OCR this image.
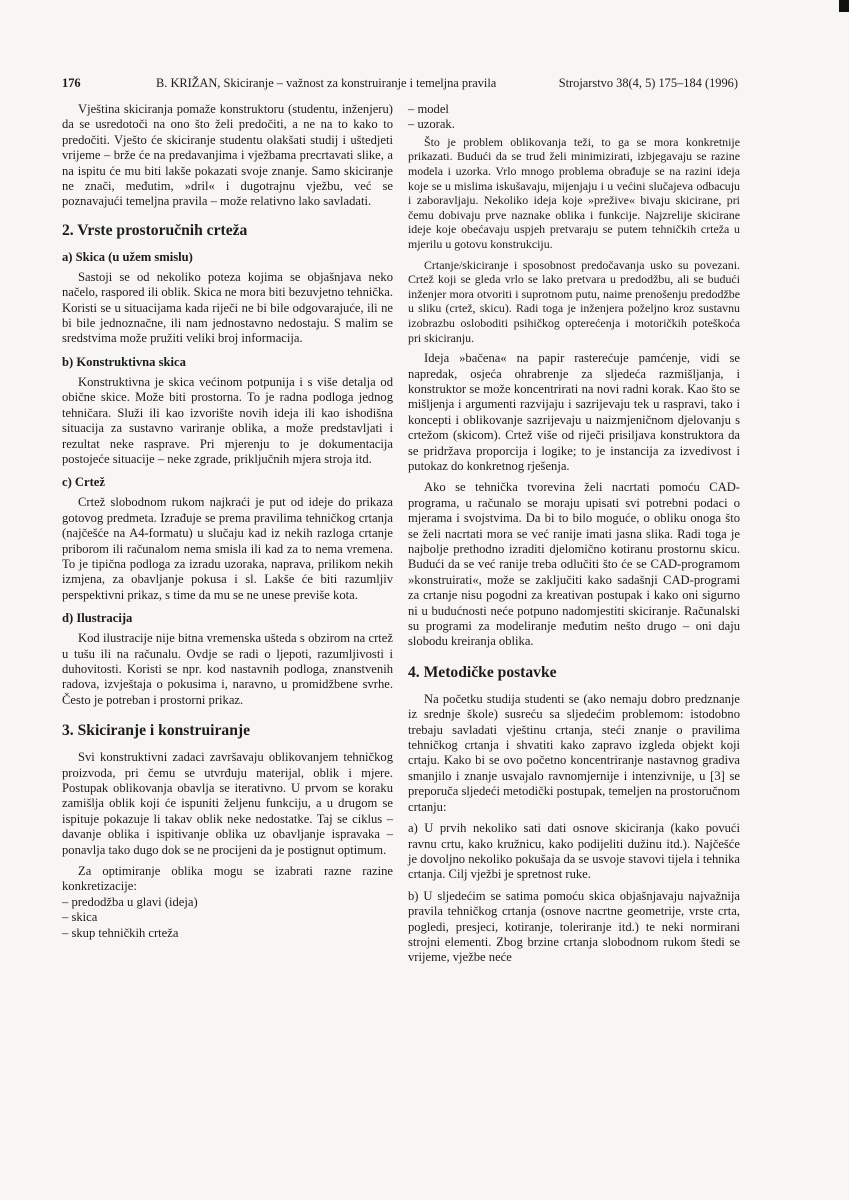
176	B. KRIŽAN, Skiciranje – važnost za konstruiranje i temeljna pravila	Strojarstvo 38(4, 5) 175–184 (1996)

Vještina skiciranja pomaže konstruktoru (studentu, inženjeru) da se usredotoči na ono što želi predočiti, a ne na to kako to predočiti. Vješto će skiciranje studentu olakšati studij i uštedjeti vrijeme – brže će na predavanjima i vježbama precrtavati slike, a na ispitu će mu biti lakše pokazati svoje znanje. Samo skiciranje ne znači, međutim, »dril« i dugotrajnu vježbu, već se poznavajući temeljna pravila – može relativno lako savladati.

2. Vrste prostoručnih crteža
a) Skica (u užem smislu)

Sastoji se od nekoliko poteza kojima se objašnjava neko načelo, raspored ili oblik. Skica ne mora biti bezuvjetno tehnička. Koristi se u situacijama kada riječi ne bi bile odgovarajuće, ili ne bi bile jednoznačne, ili nam jednostavno nedostaju. S malim se sredstvima može pružiti veliki broj informacija.

b) Konstruktivna skica

Konstruktivna je skica većinom potpunija i s više detalja od obične skice. Može biti prostorna. To je radna podloga jednog tehničara. Služi ili kao izvorište novih ideja ili kao ishodišna situacija za sustavno variranje oblika, a može predstavljati i rezultat neke rasprave. Pri mjerenju to je dokumentacija postojeće situacije – neke zgrade, priključnih mjera stroja itd.

c) Crtež

Crtež slobodnom rukom najkraći je put od ideje do prikaza gotovog predmeta. Izrađuje se prema pravilima tehničkog crtanja (najčešće na A4-formatu) u slučaju kad iz nekih razloga crtanje priborom ili računalom nema smisla ili kad za to nema vremena. To je tipična podloga za izradu uzoraka, naprava, prilikom nekih izmjena, za obavljanje pokusa i sl. Lakše će biti razumljiv perspektivni prikaz, s time da mu se ne unese previše kota.

d) Ilustracija

Kod ilustracije nije bitna vremenska ušteda s obzirom na crtež u tušu ili na računalu. Ovdje se radi o ljepoti, razumljivosti i duhovitosti. Koristi se npr. kod nastavnih podloga, znanstvenih radova, izvještaja o pokusima i, naravno, u promidžbene svrhe. Često je potreban i prostorni prikaz.

3. Skiciranje i konstruiranje

Svi konstruktivni zadaci završavaju oblikovanjem tehničkog proizvoda, pri čemu se utvrđuju materijal, oblik i mjere. Postupak oblikovanja obavlja se iterativno. U prvom se koraku zamišlja oblik koji će ispuniti željenu funkciju, a u drugom se ispituje pokazuje li takav oblik neke nedostatke. Taj se ciklus – davanje oblika i ispitivanje oblika uz obavljanje ispravaka – ponavlja tako dugo dok se ne procijeni da je postignut optimum.

Za optimiranje oblika mogu se izabrati razne razine konkretizacije:

– predodžba u glavi (ideja)
– skica
– skup tehničkih crteža
– model
– uzorak.

Što je problem oblikovanja teži, to ga se mora konkretnije prikazati. Budući da se trud želi minimizirati, izbjegavaju se razine modela i uzorka. Vrlo mnogo problema obrađuje se na razini ideja koje se u mislima iskušavaju, mijenjaju i u većini slučajeva odbacuju i zaboravljaju. Nekoliko ideja koje »prežive« bivaju skicirane, pri čemu dobivaju prve naznake oblika i funkcije. Najzrelije skicirane ideje koje obećavaju uspjeh pretvaraju se putem tehničkih crteža u mjerilu u gotovu konstrukciju.

Crtanje/skiciranje i sposobnost predočavanja usko su povezani. Crtež koji se gleda vrlo se lako pretvara u predodžbu, ali se budući inženjer mora otvoriti i suprotnom putu, naime prenošenju predodžbe u sliku (crtež, skicu). Radi toga je inženjera poželjno kroz sustavnu izobrazbu osloboditi psihičkog opterećenja i motoričkih poteškoća pri skiciranju.

Ideja »bačena« na papir rasterećuje pamćenje, vidi se napredak, osjeća ohrabrenje za sljedeća razmišljanja, i konstruktor se može koncentrirati na novi radni korak. Kao što se mišljenja i argumenti razvijaju i sazrijevaju tek u raspravi, tako i koncepti i oblikovanje sazrijevaju u naizmjeničnom djelovanju s crtežom (skicom). Crtež više od riječi prisiljava konstruktora da se pridržava proporcija i logike; to je instancija za izvedivost i putokaz do konkretnog rješenja.

Ako se tehnička tvorevina želi nacrtati pomoću CAD-programa, u računalo se moraju upisati svi potrebni podaci o mjerama i svojstvima. Da bi to bilo moguće, o obliku onoga što se želi nacrtati mora se već ranije imati jasna slika. Radi toga je najbolje prethodno izraditi djelomično kotiranu prostornu skicu. Budući da se već ranije treba odlučiti što će se CAD-programom »konstruirati«, može se zaključiti kako sadašnji CAD-programi za crtanje nisu pogodni za kreativan postupak i kako oni sigurno ni u budućnosti neće potpuno nadomjestiti skiciranje. Računalski su programi za modeliranje međutim nešto drugo – oni daju slobodu kreiranja oblika.

4. Metodičke postavke

Na početku studija studenti se (ako nemaju dobro predznanje iz srednje škole) susreću sa sljedećim problemom: istodobno trebaju savladati vještinu crtanja, steći znanje o pravilima tehničkog crtanja i shvatiti kako zapravo izgleda objekt koji crtaju. Kako bi se ovo početno koncentriranje nastavnog gradiva smanjilo i znanje usvajalo ravnomjernije i intenzivnije, u [3] se preporuča sljedeći metodički postupak, temeljen na prostoručnom crtanju:

a) U prvih nekoliko sati dati osnove skiciranja (kako povući ravnu crtu, kako kružnicu, kako podijeliti dužinu itd.). Najčešće je dovoljno nekoliko pokušaja da se usvoje stavovi tijela i tehnika crtanja. Cilj vježbi je spretnost ruke.

b) U sljedećim se satima pomoću skica objašnjavaju najvažnija pravila tehničkog crtanja (osnove nacrtne geometrije, vrste crta, pogledi, presjeci, kotiranje, toleriranje itd.) te neki normirani strojni elementi. Zbog brzine crtanja slobodnom rukom štedi se vrijeme, vježbe neće
